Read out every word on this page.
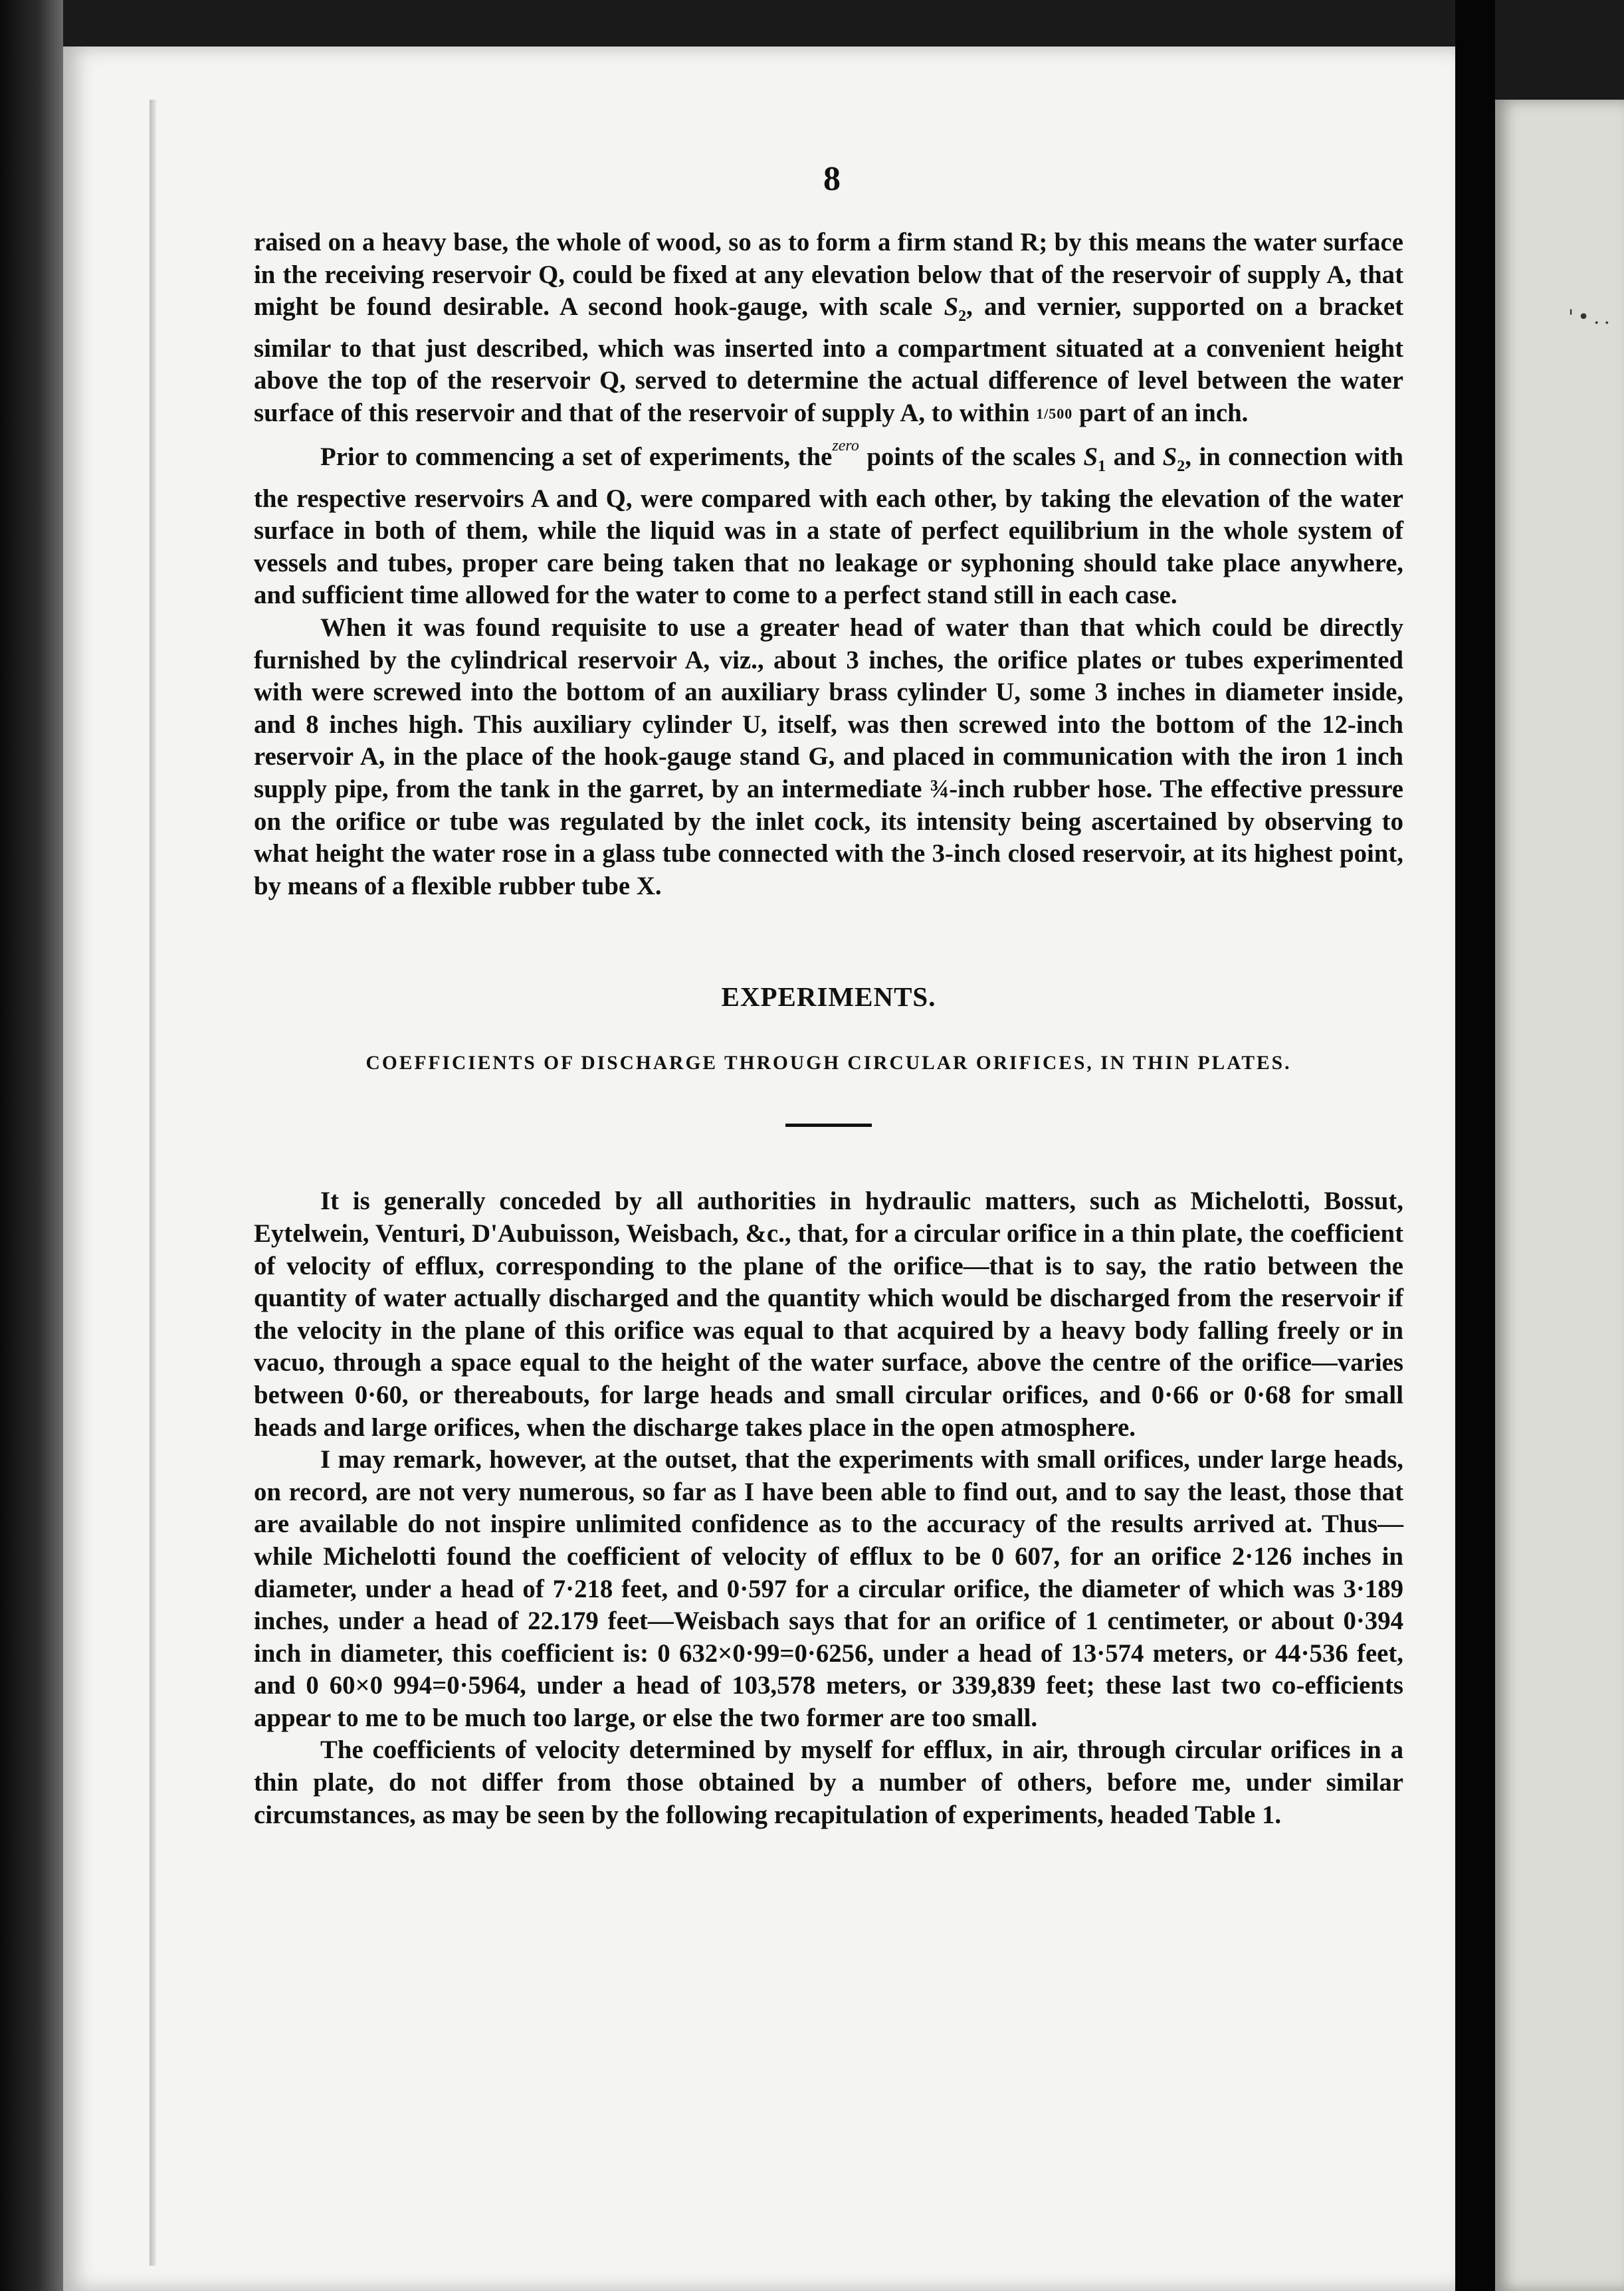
'•..
8

raised on a heavy base, the whole of wood, so as to form a firm stand R; by this means the water surface in the receiving reservoir Q, could be fixed at any elevation below that of the reservoir of supply A, that might be found desirable. A second hook-gauge, with scale $S_2$, and vernier, supported on a bracket similar to that just described, which was inserted into a compartment situated at a convenient height above the top of the reservoir Q, served to determine the actual difference of level between the water surface of this reservoir and that of the reservoir of supply A, to within 1/500 part of an inch.

Prior to commencing a set of experiments, the$^{zero}$ points of the scales $S_1$ and $S_2$, in connection with the respective reservoirs A and Q, were compared with each other, by taking the elevation of the water surface in both of them, while the liquid was in a state of perfect equilibrium in the whole system of vessels and tubes, proper care being taken that no leakage or syphoning should take place anywhere, and sufficient time allowed for the water to come to a perfect stand still in each case.

When it was found requisite to use a greater head of water than that which could be directly furnished by the cylindrical reservoir A, viz., about 3 inches, the orifice plates or tubes experimented with were screwed into the bottom of an auxiliary brass cylinder U, some 3 inches in diameter inside, and 8 inches high. This auxiliary cylinder U, itself, was then screwed into the bottom of the 12-inch reservoir A, in the place of the hook-gauge stand G, and placed in communication with the iron 1 inch supply pipe, from the tank in the garret, by an intermediate ¾-inch rubber hose. The effective pressure on the orifice or tube was regulated by the inlet cock, its intensity being ascertained by observing to what height the water rose in a glass tube connected with the 3-inch closed reservoir, at its highest point, by means of a flexible rubber tube X.

EXPERIMENTS.
COEFFICIENTS OF DISCHARGE THROUGH CIRCULAR ORIFICES, IN THIN PLATES.

It is generally conceded by all authorities in hydraulic matters, such as Michelotti, Bossut, Eytelwein, Venturi, D'Aubuisson, Weisbach, &c., that, for a circular orifice in a thin plate, the coefficient of velocity of efflux, corresponding to the plane of the orifice—that is to say, the ratio between the quantity of water actually discharged and the quantity which would be discharged from the reservoir if the velocity in the plane of this orifice was equal to that acquired by a heavy body falling freely or in vacuo, through a space equal to the height of the water surface, above the centre of the orifice—varies between 0·60, or thereabouts, for large heads and small circular orifices, and 0·66 or 0·68 for small heads and large orifices, when the discharge takes place in the open atmosphere.

I may remark, however, at the outset, that the experiments with small orifices, under large heads, on record, are not very numerous, so far as I have been able to find out, and to say the least, those that are available do not inspire unlimited confidence as to the accuracy of the results arrived at. Thus—while Michelotti found the coefficient of velocity of efflux to be 0 607, for an orifice 2·126 inches in diameter, under a head of 7·218 feet, and 0·597 for a circular orifice, the diameter of which was 3·189 inches, under a head of 22.179 feet—Weisbach says that for an orifice of 1 centimeter, or about 0·394 inch in diameter, this coefficient is: 0 632×0·99=0·6256, under a head of 13·574 meters, or 44·536 feet, and 0 60×0 994=0·5964, under a head of 103,578 meters, or 339,839 feet; these last two co-efficients appear to me to be much too large, or else the two former are too small.

The coefficients of velocity determined by myself for efflux, in air, through circular orifices in a thin plate, do not differ from those obtained by a number of others, before me, under similar circumstances, as may be seen by the following recapitulation of experiments, headed Table 1.
